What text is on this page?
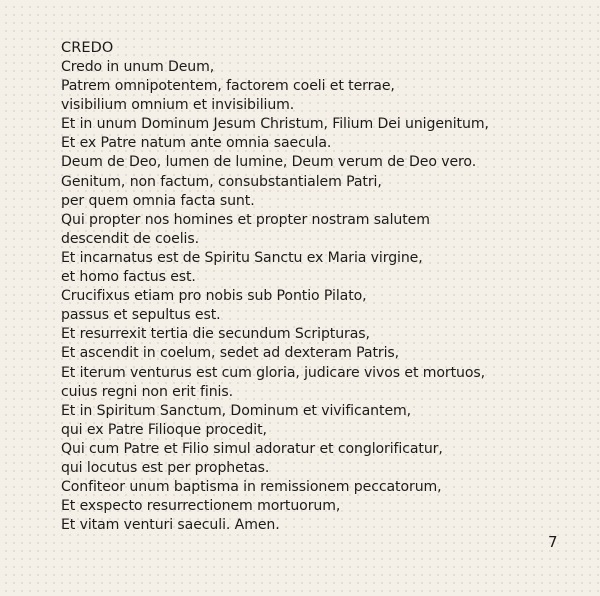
CREDO
Credo in unum Deum,
Patrem omnipotentem, factorem coeli et terrae,
visibilium omnium et invisibilium.
Et in unum Dominum Jesum Christum, Filium Dei unigenitum,
Et ex Patre natum ante omnia saecula.
Deum de Deo, lumen de lumine, Deum verum de Deo vero.
Genitum, non factum, consubstantialem Patri,
per quem omnia facta sunt.
Qui propter nos homines et propter nostram salutem
descendit de coelis.
Et incarnatus est de Spiritu Sanctu ex Maria virgine,
et homo factus est.
Crucifixus etiam pro nobis sub Pontio Pilato,
passus et sepultus est.
Et resurrexit tertia die secundum Scripturas,
Et ascendit in coelum, sedet ad dexteram Patris,
Et iterum venturus est cum gloria, judicare vivos et mortuos,
cuius regni non erit finis.
Et in Spiritum Sanctum, Dominum et vivificantem,
qui ex Patre Filioque procedit,
Qui cum Patre et Filio simul adoratur et conglorificatur,
qui locutus est per prophetas.
Confiteor unum baptisma in remissionem peccatorum,
Et exspecto resurrectionem mortuorum,
Et vitam venturi saeculi. Amen.
7
